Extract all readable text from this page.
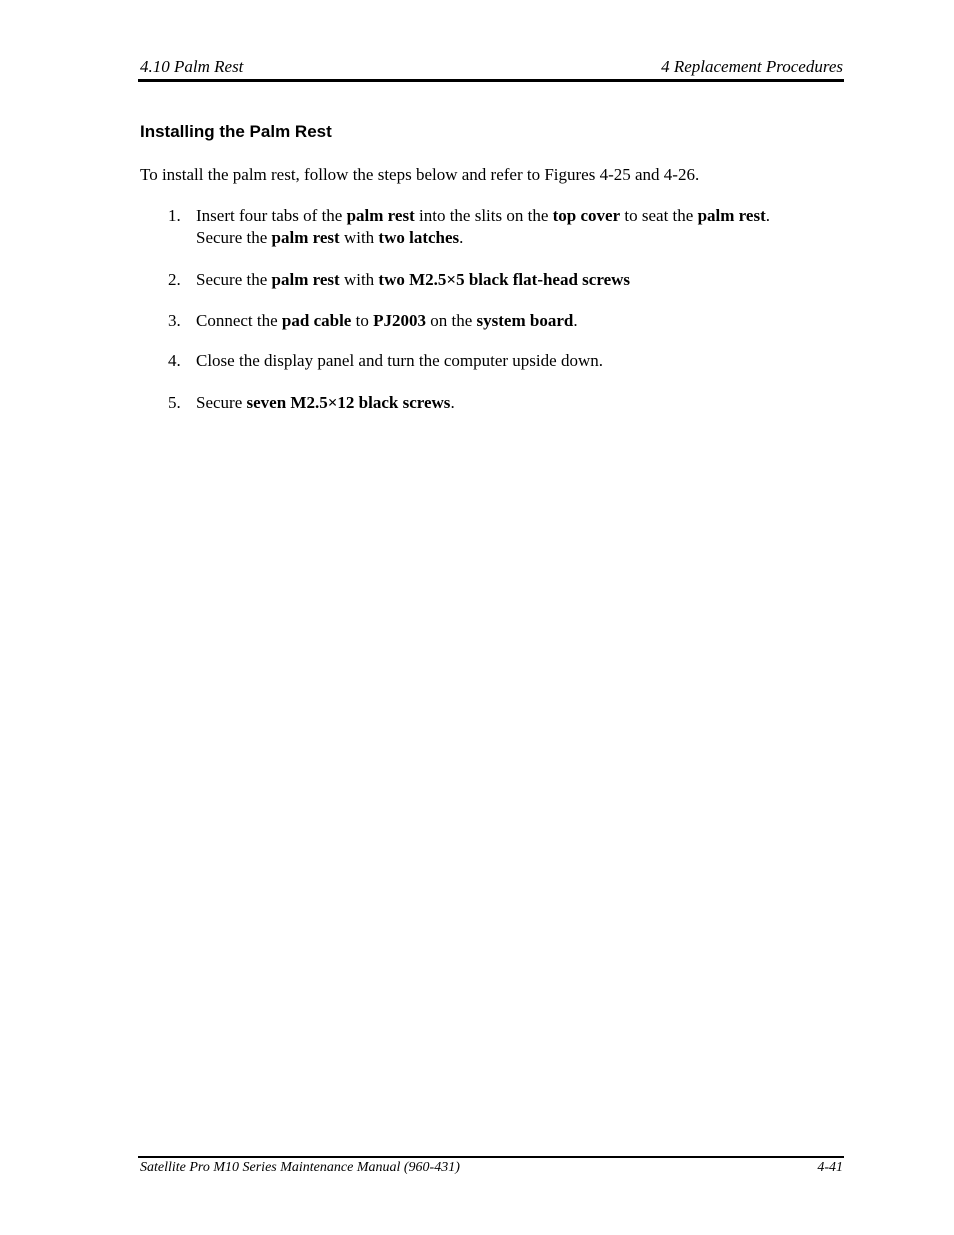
4.10 Palm Rest	4 Replacement Procedures
Installing the Palm Rest

To install the palm rest, follow the steps below and refer to Figures 4-25 and 4-26.

1. Insert four tabs of the palm rest into the slits on the top cover to seat the palm rest.
Secure the palm rest with two latches.
2. Secure the palm rest with two M2.5×5 black flat-head screws
3. Connect the pad cable to PJ2003 on the system board.
4. Close the display panel and turn the computer upside down.
5. Secure seven M2.5×12 black screws.
Satellite Pro M10 Series Maintenance Manual (960-431)	4-41
